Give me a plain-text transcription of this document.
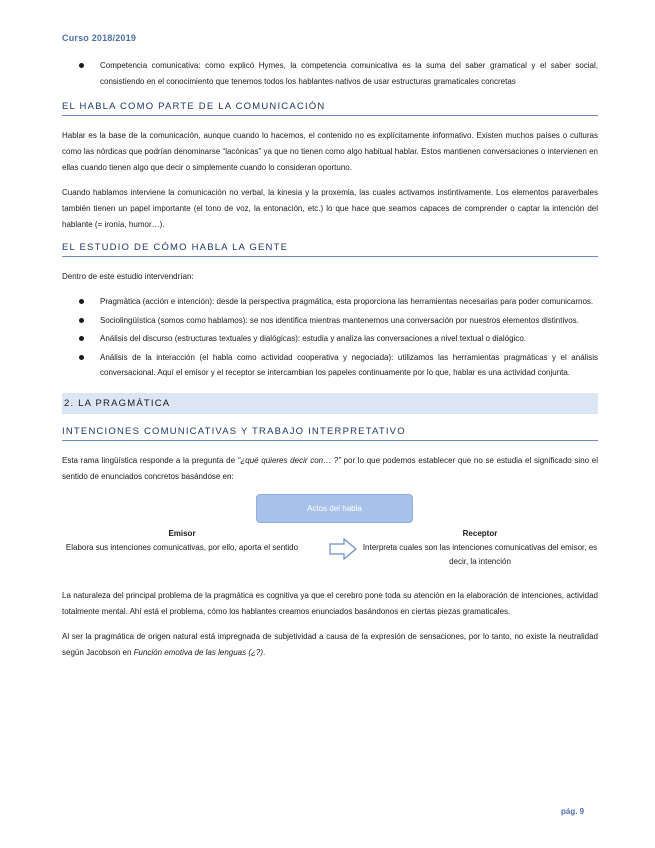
Curso 2018/2019
Competencia comunicativa: como explicó Hymes, la competencia comunicativa es la suma del saber gramatical y el saber social, consistiendo en el conocimiento que tenemos todos los hablantes nativos de usar estructuras gramaticales concretas
EL HABLA COMO PARTE DE LA COMUNICACIÓN

Hablar es la base de la comunicación, aunque cuando lo hacemos, el contenido no es explícitamente informativo. Existen muchos países o culturas como las nórdicas que podrían denominarse “lacónicas” ya que no tienen como algo habitual hablar. Estos mantienen conversaciones o intervienen en ellas cuando tienen algo que decir o simplemente cuando lo consideran oportuno.

Cuando hablamos interviene la comunicación no verbal, la kinesia y la proxemia, las cuales activamos instintivamente. Los elementos paraverbales también tienen un papel importante (el tono de voz, la entonación, etc.) lo que hace que seamos capaces de comprender o captar la intención del hablante (= ironía, humor…).

EL ESTUDIO DE CÓMO HABLA LA GENTE

Dentro de este estudio intervendrían:

Pragmática (acción e intención): desde la perspectiva pragmática, esta proporciona las herramientas necesarias para poder comunicarnos.
Sociolingüística (somos como hablamos): se nos identifica mientras mantenemos una conversación por nuestros elementos distintivos.
Análisis del discurso (estructuras textuales y dialógicas): estudia y analiza las conversaciones a nivel textual o dialógico.
Análisis de la interacción (el habla como actividad cooperativa y negociada): utilizamos las herramientas pragmáticas y el análisis conversacional. Aquí el emisor y el receptor se intercambian los papeles continuamente por lo que, hablar es una actividad conjunta.
2. LA PRAGMÁTICA
INTENCIONES COMUNICATIVAS Y TRABAJO INTERPRETATIVO

Esta rama lingüística responde a la pregunta de “¿qué quieres decir con… ?” por lo que podemos establecer que no se estudia el significado sino el sentido de enunciados concretos basándose en:

Actos del habla
Emisor
Elabora sus intenciones comunicativas, por ello, aporta el sentido
Receptor
Interpreta cuales son las intenciones comunicativas del emisor, es decir, la intención

La naturaleza del principal problema de la pragmática es cognitiva ya que el cerebro pone toda su atención en la elaboración de intenciones, actividad totalmente mental. Ahí está el problema, cómo los hablantes creamos enunciados basándonos en ciertas piezas gramaticales.

Al ser la pragmática de origen natural está impregnada de subjetividad a causa de la expresión de sensaciones, por lo tanto, no existe la neutralidad según Jacobson en Función emotiva de las lenguas (¿?).

pág. 9
